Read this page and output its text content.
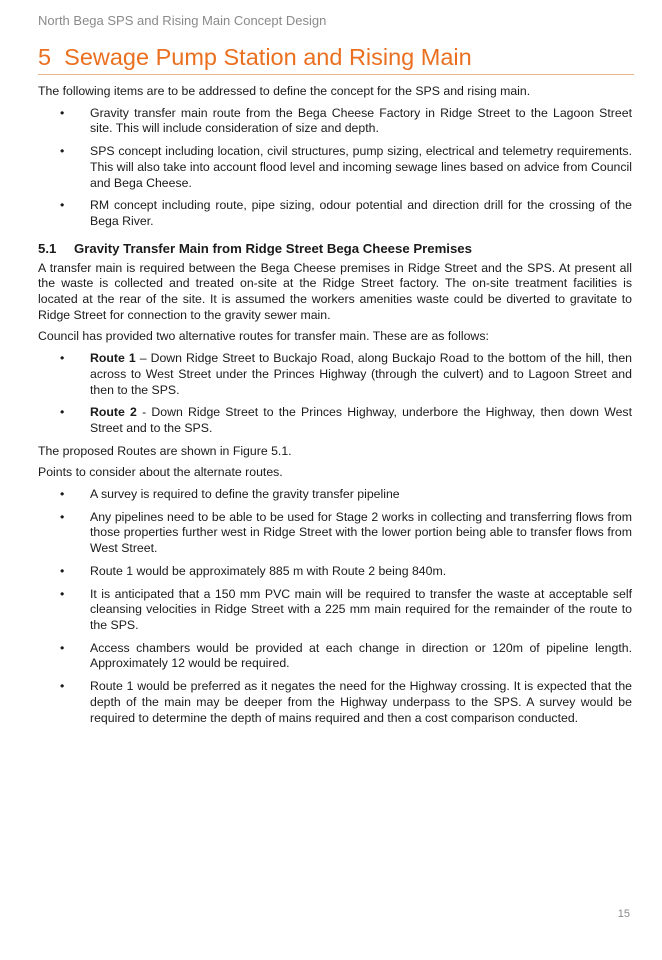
North Bega SPS and Rising Main Concept Design
5 Sewage Pump Station and Rising Main

The following items are to be addressed to define the concept for the SPS and rising main.

• Gravity transfer main route from the Bega Cheese Factory in Ridge Street to the Lagoon Street site. This will include consideration of size and depth.
• SPS concept including location, civil structures, pump sizing, electrical and telemetry requirements. This will also take into account flood level and incoming sewage lines based on advice from Council and Bega Cheese.
• RM concept including route, pipe sizing, odour potential and direction drill for the crossing of the Bega River.
5.1 Gravity Transfer Main from Ridge Street Bega Cheese Premises

A transfer main is required between the Bega Cheese premises in Ridge Street and the SPS. At present all the waste is collected and treated on-site at the Ridge Street factory. The on-site treatment facilities is located at the rear of the site. It is assumed the workers amenities waste could be diverted to gravitate to Ridge Street for connection to the gravity sewer main.

Council has provided two alternative routes for transfer main. These are as follows:

• Route 1 – Down Ridge Street to Buckajo Road, along Buckajo Road to the bottom of the hill, then across to West Street under the Princes Highway (through the culvert) and to Lagoon Street and then to the SPS.
• Route 2 - Down Ridge Street to the Princes Highway, underbore the Highway, then down West Street and to the SPS.

The proposed Routes are shown in Figure 5.1.

Points to consider about the alternate routes.

• A survey is required to define the gravity transfer pipeline
• Any pipelines need to be able to be used for Stage 2 works in collecting and transferring flows from those properties further west in Ridge Street with the lower portion being able to transfer flows from West Street.
• Route 1 would be approximately 885 m with Route 2 being 840m.
• It is anticipated that a 150 mm PVC main will be required to transfer the waste at acceptable self cleansing velocities in Ridge Street with a 225 mm main required for the remainder of the route to the SPS.
• Access chambers would be provided at each change in direction or 120m of pipeline length. Approximately 12 would be required.
• Route 1 would be preferred as it negates the need for the Highway crossing. It is expected that the depth of the main may be deeper from the Highway underpass to the SPS. A survey would be required to determine the depth of mains required and then a cost comparison conducted.
15
